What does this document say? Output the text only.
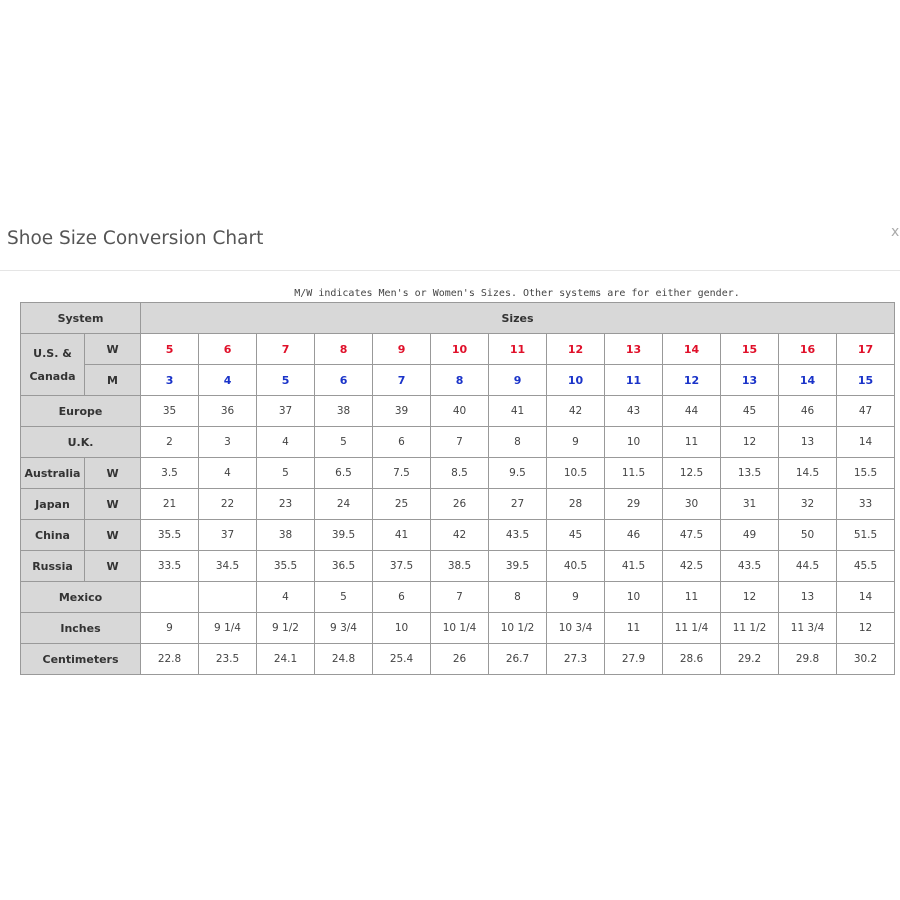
Shoe Size Conversion Chart	x
M/W indicates Men's or Women's Sizes. Other systems are for either gender.
System		Sizes												
U.S. & Canada	W	5	6	7	8	9	10	11	12	13	14	15	16	17
	M	3	4	5	6	7	8	9	10	11	12	13	14	15
Europe		35	36	37	38	39	40	41	42	43	44	45	46	47
U.K.		2	3	4	5	6	7	8	9	10	11	12	13	14
Australia	W	3.5	4	5	6.5	7.5	8.5	9.5	10.5	11.5	12.5	13.5	14.5	15.5
Japan	W	21	22	23	24	25	26	27	28	29	30	31	32	33
China	W	35.5	37	38	39.5	41	42	43.5	45	46	47.5	49	50	51.5
Russia	W	33.5	34.5	35.5	36.5	37.5	38.5	39.5	40.5	41.5	42.5	43.5	44.5	45.5
Mexico				4	5	6	7	8	9	10	11	12	13	14
Inches		9	9 1/4	9 1/2	9 3/4	10	10 1/4	10 1/2	10 3/4	11	11 1/4	11 1/2	11 3/4	12
Centimeters		22.8	23.5	24.1	24.8	25.4	26	26.7	27.3	27.9	28.6	29.2	29.8	30.2
